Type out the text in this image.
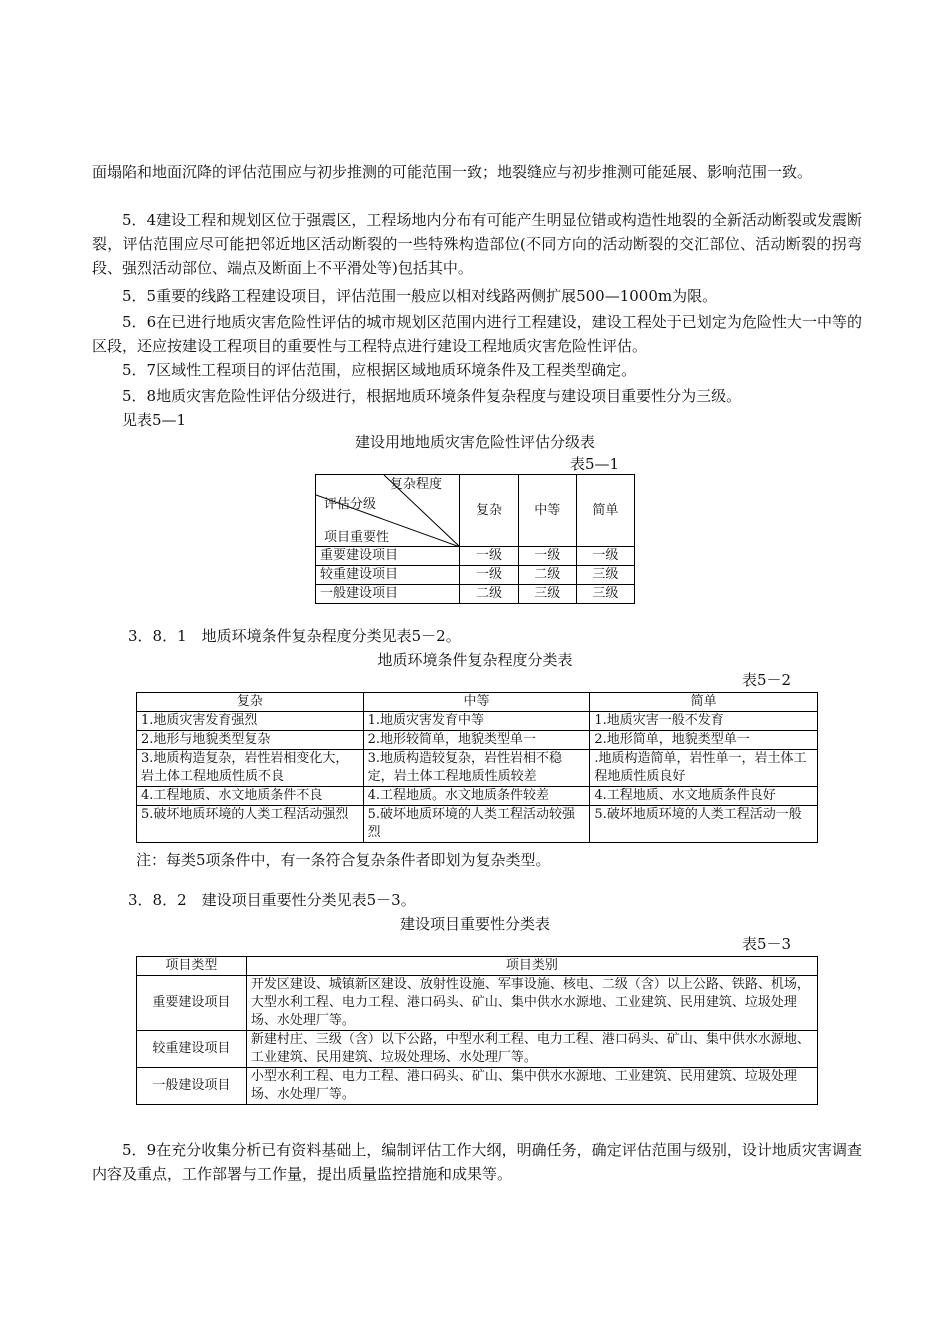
面塌陷和地面沉降的评估范围应与初步推测的可能范围一致；地裂缝应与初步推测可能延展、影响范围一致。

5．4建设工程和规划区位于强震区，工程场地内分布有可能产生明显位错或构造性地裂的全新活动断裂或发震断裂，评估范围应尽可能把邻近地区活动断裂的一些特殊构造部位(不同方向的活动断裂的交汇部位、活动断裂的拐弯段、强烈活动部位、端点及断面上不平滑处等)包括其中。

5．5重要的线路工程建设项目，评估范围一般应以相对线路两侧扩展500—1000m为限。

5．6在已进行地质灾害危险性评估的城市规划区范围内进行工程建设，建设工程处于已划定为危险性大一中等的区段，还应按建设工程项目的重要性与工程特点进行建设工程地质灾害危险性评估。

5．7区域性工程项目的评估范围，应根据区域地质环境条件及工程类型确定。

5．8地质灾害危险性评估分级进行，根据地质环境条件复杂程度与建设项目重要性分为三级。

见表5—1
建设用地地质灾害危险性评估分级表
表5—1
复杂程度
评估分级
项目重要性	复杂	中等	简单
重要建设项目	一级	一级	一级
较重建设项目	一级	二级	三级
一般建设项目	二级	三级	三级
3．8．1　地质环境条件复杂程度分类见表5－2。
地质环境条件复杂程度分类表
表5－2
复杂	中等	简单
1.地质灾害发育强烈	1.地质灾害发育中等	1.地质灾害一般不发育
2.地形与地貌类型复杂	2.地形较简单，地貌类型单一	2.地形简单，地貌类型单一
3.地质构造复杂，岩性岩相变化大，岩土体工程地质性质不良	3.地质构造较复杂，岩性岩相不稳定，岩土体工程地质性质较差	.地质构造简单，岩性单一，岩土体工程地质性质良好
4.工程地质、水文地质条件不良	4.工程地质。水文地质条件较差	4.工程地质、水文地质条件良好
5.破坏地质环境的人类工程活动强烈	5.破坏地质环境的人类工程活动较强烈	5.破坏地质环境的人类工程活动一般
注：每类5项条件中，有一条符合复杂条件者即划为复杂类型。
3．8．2　建设项目重要性分类见表5－3。
建设项目重要性分类表
表5－3
项目类型	项目类别
重要建设项目	开发区建设、城镇新区建设、放射性设施、军事设施、核电、二级（含）以上公路、铁路、机场，大型水利工程、电力工程、港口码头、矿山、集中供水水源地、工业建筑、民用建筑、垃圾处理场、水处理厂等。
较重建设项目	新建村庄、三级（含）以下公路，中型水利工程、电力工程、港口码头、矿山、集中供水水源地、工业建筑、民用建筑、垃圾处理场、水处理厂等。
一般建设项目	小型水利工程、电力工程、港口码头、矿山、集中供水水源地、工业建筑、民用建筑、垃圾处理场、水处理厂等。

5．9在充分收集分析已有资料基础上，编制评估工作大纲，明确任务，确定评估范围与级别，设计地质灾害调查内容及重点，工作部署与工作量，提出质量监控措施和成果等。
